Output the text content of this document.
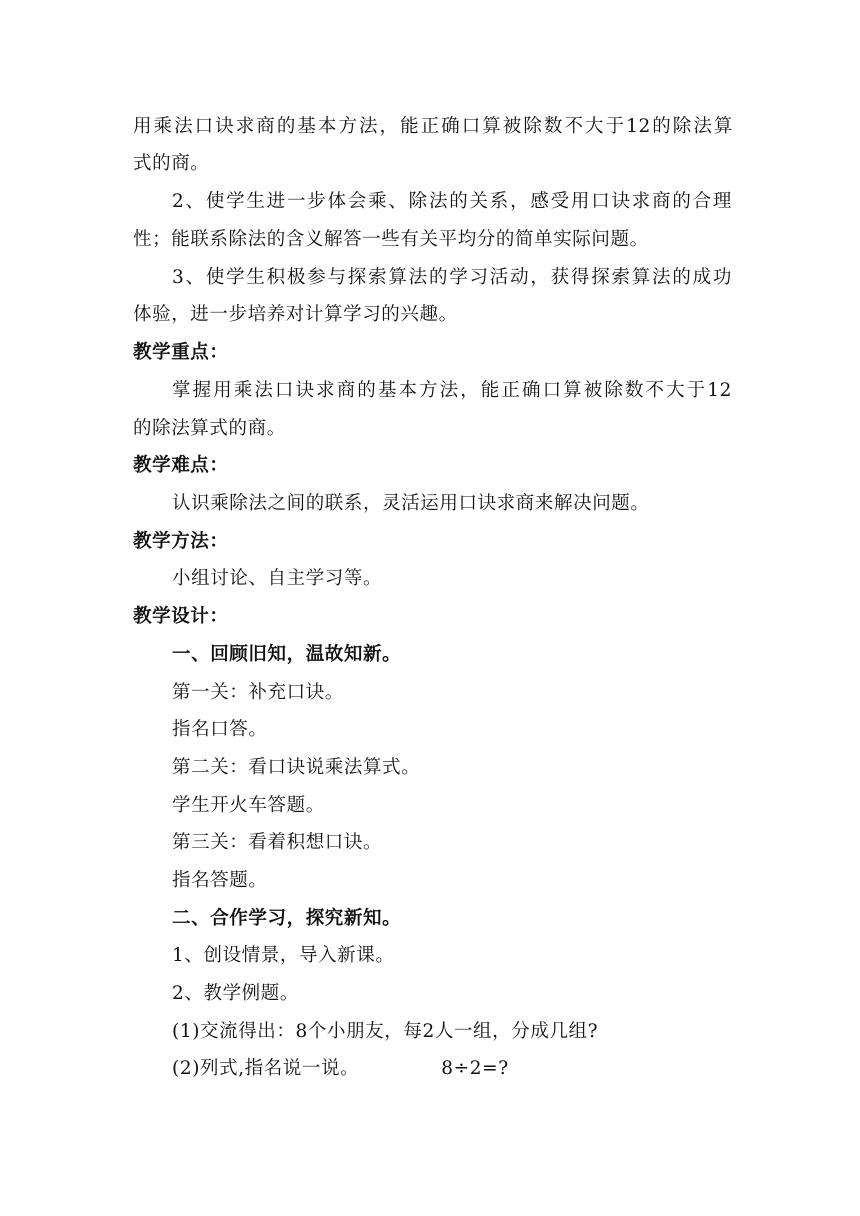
用乘法口诀求商的基本方法，能正确口算被除数不大于12的除法算
式的商。
2、使学生进一步体会乘、除法的关系，感受用口诀求商的合理
性；能联系除法的含义解答一些有关平均分的简单实际问题。
3、使学生积极参与探索算法的学习活动，获得探索算法的成功
体验，进一步培养对计算学习的兴趣。
教学重点：
掌握用乘法口诀求商的基本方法，能正确口算被除数不大于12
的除法算式的商。
教学难点：
认识乘除法之间的联系，灵活运用口诀求商来解决问题。
教学方法：
小组讨论、自主学习等。
教学设计：
一、回顾旧知，温故知新。
第一关：补充口诀。
指名口答。
第二关：看口诀说乘法算式。
学生开火车答题。
第三关：看着积想口诀。
指名答题。
二、合作学习，探究新知。
1、创设情景，导入新课。
2、教学例题。
(1)交流得出：8个小朋友，每2人一组，分成几组?
(2)列式,指名说一说。	8÷2=?
